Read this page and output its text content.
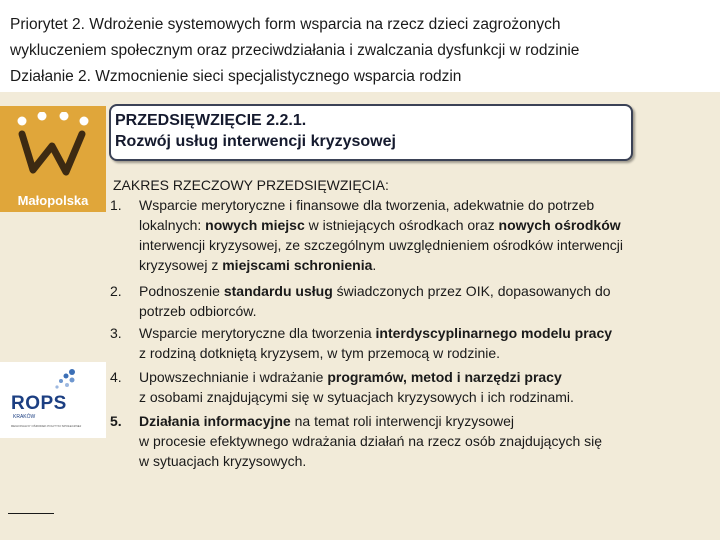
Priorytet 2. Wdrożenie systemowych form wsparcia na rzecz dzieci zagrożonych
wykluczeniem społecznym oraz przeciwdziałania i zwalczania dysfunkcji w rodzinie
Działanie 2. Wzmocnienie sieci specjalistycznego wsparcia rodzin
Małopolska
ROPS
KRAKÓW
REGIONALNY OŚRODEK POLITYKI SPOŁECZNEJ
PRZEDSIĘWZIĘCIE 2.2.1.
Rozwój usług interwencji kryzysowej
ZAKRES RZECZOWY PRZEDSIĘWZIĘCIA:
1. Wsparcie merytoryczne i finansowe dla tworzenia, adekwatnie do potrzeb
lokalnych: nowych miejsc w istniejących ośrodkach oraz nowych ośrodków
interwencji kryzysowej, ze szczególnym uwzględnieniem ośrodków interwencji
kryzysowej z miejscami schronienia.
2. Podnoszenie standardu usług świadczonych przez OIK, dopasowanych do
potrzeb odbiorców.
3. Wsparcie merytoryczne dla tworzenia interdyscyplinarnego modelu pracy
z rodziną dotkniętą kryzysem, w tym przemocą w rodzinie.
4. Upowszechnianie i wdrażanie programów, metod i narzędzi pracy
z osobami znajdującymi się w sytuacjach kryzysowych i ich rodzinami.
5. Działania informacyjne na temat roli interwencji kryzysowej
w procesie efektywnego wdrażania działań na rzecz osób znajdujących się
w sytuacjach kryzysowych.
